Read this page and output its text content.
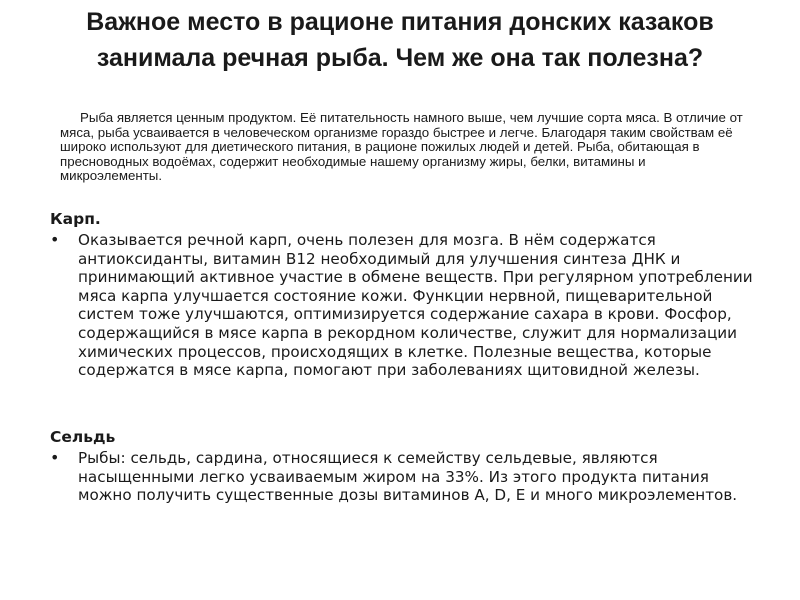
Важное место в рационе питания донских казаков занимала речная рыба. Чем же она так полезна?

Рыба является ценным продуктом. Её питательность намного выше, чем лучшие сорта мяса. В отличие от мяса, рыба усваивается в человеческом организме гораздо быстрее и легче. Благодаря таким свойствам её широко используют для диетического питания, в рационе пожилых людей и детей. Рыба, обитающая в пресноводных водоёмах, содержит необходимые нашему организму жиры, белки, витамины и микроэлементы.

Карп.

• Оказывается речной карп, очень полезен для мозга. В нём содержатся антиоксиданты, витамин В12 необходимый для улучшения синтеза ДНК и принимающий активное участие в обмене веществ. При регулярном употреблении мяса карпа улучшается состояние кожи. Функции нервной, пищеварительной систем тоже улучшаются, оптимизируется содержание сахара в крови. Фосфор, содержащийся в мясе карпа в рекордном количестве, служит для нормализации химических процессов, происходящих в клетке. Полезные вещества, которые содержатся в мясе карпа, помогают при заболеваниях щитовидной железы.

Сельдь

• Рыбы: сельдь, сардина, относящиеся к семейству сельдевые, являются насыщенными легко усваиваемым жиром на 33%. Из этого продукта питания можно получить существенные дозы витаминов А, D, E и много микроэлементов.
